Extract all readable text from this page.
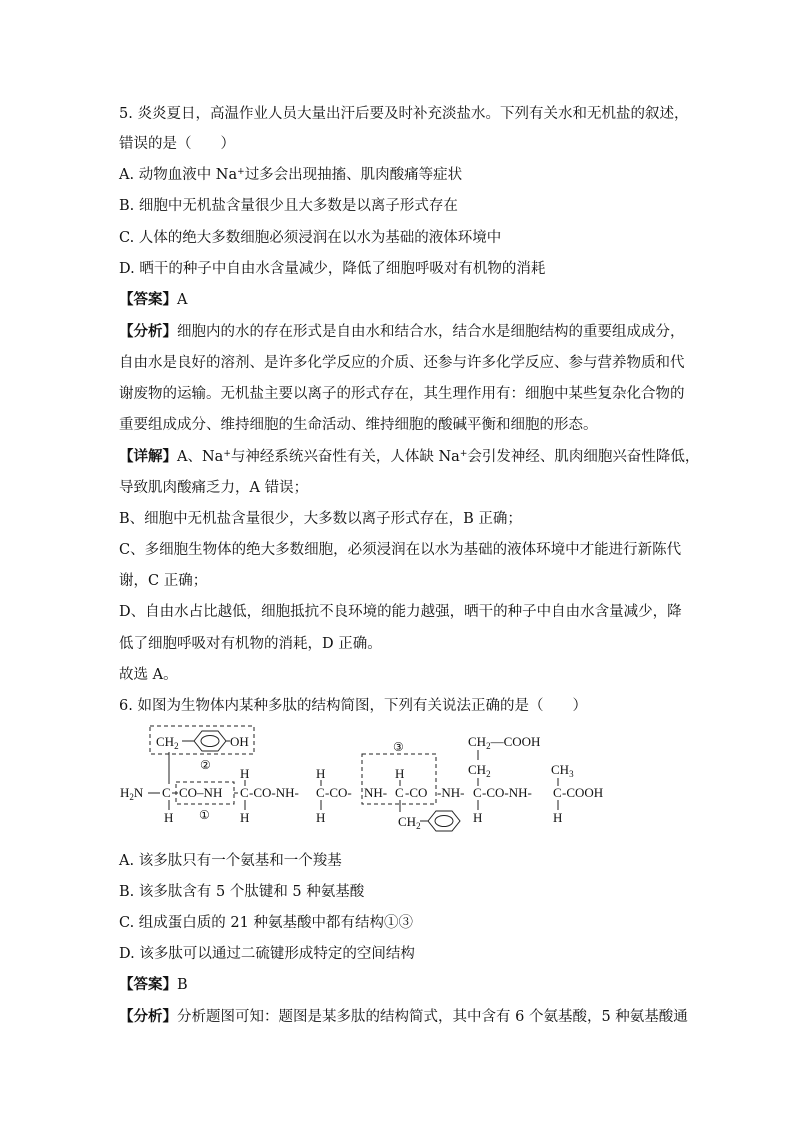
5. 炎炎夏日，高温作业人员大量出汗后要及时补充淡盐水。下列有关水和无机盐的叙述，
错误的是（　　）
A. 动物血液中 Na+过多会出现抽搐、肌肉酸痛等症状
B. 细胞中无机盐含量很少且大多数是以离子形式存在
C. 人体的绝大多数细胞必须浸润在以水为基础的液体环境中
D. 晒干的种子中自由水含量减少，降低了细胞呼吸对有机物的消耗
【答案】A
【分析】细胞内的水的存在形式是自由水和结合水，结合水是细胞结构的重要组成成分，
自由水是良好的溶剂、是许多化学反应的介质、还参与许多化学反应、参与营养物质和代
谢废物的运输。无机盐主要以离子的形式存在，其生理作用有：细胞中某些复杂化合物的
重要组成成分、维持细胞的生命活动、维持细胞的酸碱平衡和细胞的形态。
【详解】A、Na+与神经系统兴奋性有关，人体缺 Na+会引发神经、肌肉细胞兴奋性降低，
导致肌肉酸痛乏力，A 错误；
B、细胞中无机盐含量很少，大多数以离子形式存在，B 正确；
C、多细胞生物体的绝大多数细胞，必须浸润在以水为基础的液体环境中才能进行新陈代
谢，C 正确；
D、自由水占比越低，细胞抵抗不良环境的能力越强，晒干的种子中自由水含量减少，降
低了细胞呼吸对有机物的消耗，D 正确。
故选 A。
6. 如图为生物体内某种多肽的结构简图，下列有关说法正确的是（　　）
$CH_2$	OH
②
$H_2N$ C
H
CO–NH
①
H
C
H
-CO-NH-
H
C
H
-CO-
③
NH-
H
C -CO
$CH_2$
-NH-
$CH_2—COOH$
$CH_2$
C
H
-CO-NH-
$CH_3$
C
H
-COOH
A. 该多肽只有一个氨基和一个羧基
B. 该多肽含有 5 个肽键和 5 种氨基酸
C. 组成蛋白质的 21 种氨基酸中都有结构①③
D. 该多肽可以通过二硫键形成特定的空间结构
【答案】B
【分析】分析题图可知：题图是某多肽的结构简式，其中含有 6 个氨基酸，5 种氨基酸通
